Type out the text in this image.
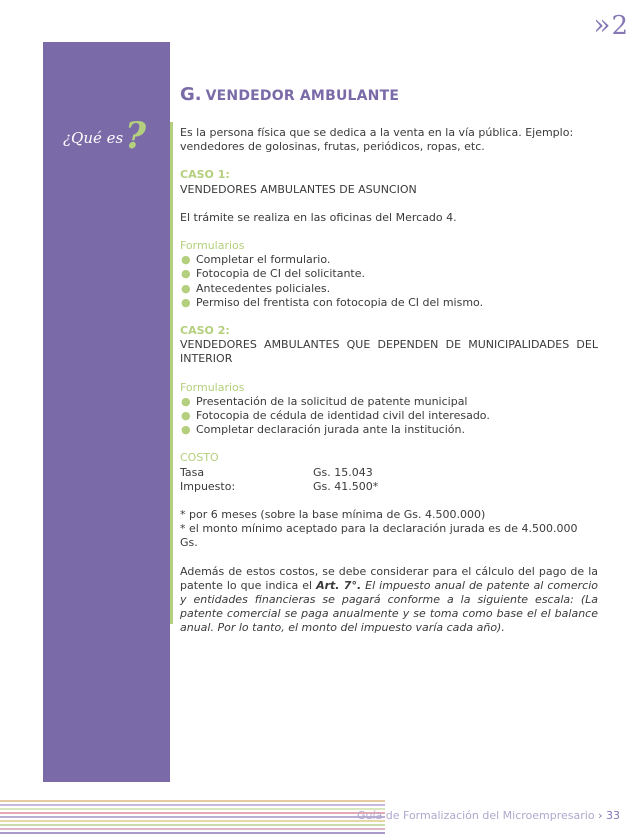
¿Qué es ?
» 2
G. VENDEDOR AMBULANTE

Es la persona física que se dedica a la venta en la vía pública. Ejemplo: vendedores de golosinas, frutas, periódicos, ropas, etc.

CASO 1:

VENDEDORES AMBULANTES DE ASUNCION

El trámite se realiza en las oficinas del Mercado 4.

Formularios

● Completar el formulario.
● Fotocopia de CI del solicitante.
● Antecedentes policiales.
● Permiso del frentista con fotocopia de CI del mismo.

CASO 2:

VENDEDORES AMBULANTES QUE DEPENDEN DE MUNICIPALIDADES DEL INTERIOR

Formularios

● Presentación de la solicitud de patente municipal
● Fotocopia de cédula de identidad civil del interesado.
● Completar declaración jurada ante la institución.

COSTO

Tasa	Gs. 15.043
Impuesto:	Gs. 41.500*

* por 6 meses (sobre la base mínima de Gs. 4.500.000)

* el monto mínimo aceptado para la declaración jurada es de 4.500.000 Gs.

Además de estos costos, se debe considerar para el cálculo del pago de la patente lo que indica el Art. 7°. El impuesto anual de patente al comercio y entidades financieras se pagará conforme a la siguiente escala: (La patente comercial se paga anualmente y se toma como base el el balance anual. Por lo tanto, el monto del impuesto varía cada año).

Guía de Formalización del Microempresario › 33
